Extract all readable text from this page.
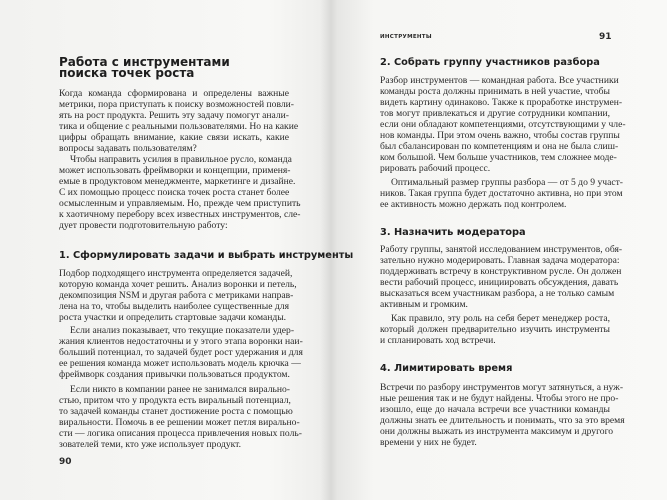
Работа с инструментами
поиска точек роста
Когда команда сформирована и определены важные
метрики, пора приступать к поиску возможностей повли-
ять на рост продукта. Решить эту задачу помогут анали-
тика и общение с реальными пользователями. Но на какие
цифры обращать внимание, какие связи искать, какие
вопросы задавать пользователям?
Чтобы направить усилия в правильное русло, команда
может использовать фреймворки и концепции, применя-
емые в продуктовом менеджменте, маркетинге и дизайне.
С их помощью процесс поиска точек роста станет более
осмысленным и управляемым. Но, прежде чем приступить
к хаотичному перебору всех известных инструментов, сле-
дует провести подготовительную работу:
1. Сформулировать задачи и выбрать инструменты
Подбор подходящего инструмента определяется задачей,
которую команда хочет решить. Анализ воронки и петель,
декомпозиция NSM и другая работа с метриками направ-
лена на то, чтобы выделить наиболее существенные для
роста участки и определить стартовые задачи команды.
Если анализ показывает, что текущие показатели удер-
жания клиентов недостаточны и у этого этапа воронки наи-
больший потенциал, то задачей будет рост удержания и для
ее решения команда может использовать модель крючка —
фреймворк создания привычки пользоваться продуктом.
Если никто в компании ранее не занимался вирально-
стью, притом что у продукта есть виральный потенциал,
то задачей команды станет достижение роста с помощью
виральности. Помочь в ее решении может петля виральнo-
сти — логика описания процесса привлечения новых поль-
зователей теми, кто уже использует продукт.
90
ИНСТРУМЕНТЫ	91
2. Собрать группу участников разбора
Разбор инструментов — командная работа. Все участники
команды роста должны принимать в ней участие, чтобы
видеть картину одинаково. Также к проработке инструмен-
тов могут привлекаться и другие сотрудники компании,
если они обладают компетенциями, отсутствующими у чле-
нов команды. При этом очень важно, чтобы состав группы
был сбалансирован по компетенциям и она не была слиш-
ком большой. Чем больше участников, тем сложнее моде-
рировать рабочий процесс.
Оптимальный размер группы разбора — от 5 до 9 участ-
ников. Такая группа будет достаточно активна, но при этом
ее активность можно держать под контролем.
3. Назначить модератора
Работу группы, занятой исследованием инструментов, обя-
зательно нужно модерировать. Главная задача модератора:
поддерживать встречу в конструктивном русле. Он должен
вести рабочий процесс, инициировать обсуждения, давать
высказаться всем участникам разбора, а не только самым
активным и громким.
Как правило, эту роль на себя берет менеджер роста,
который должен предварительно изучить инструменты
и спланировать ход встречи.
4. Лимитировать время
Встречи по разбору инструментов могут затянуться, а нуж-
ные решения так и не будут найдены. Чтобы этого не про-
изошло, еще до начала встречи все участники команды
должны знать ее длительность и понимать, что за это время
они должны выжать из инструмента максимум и другого
времени у них не будет.
